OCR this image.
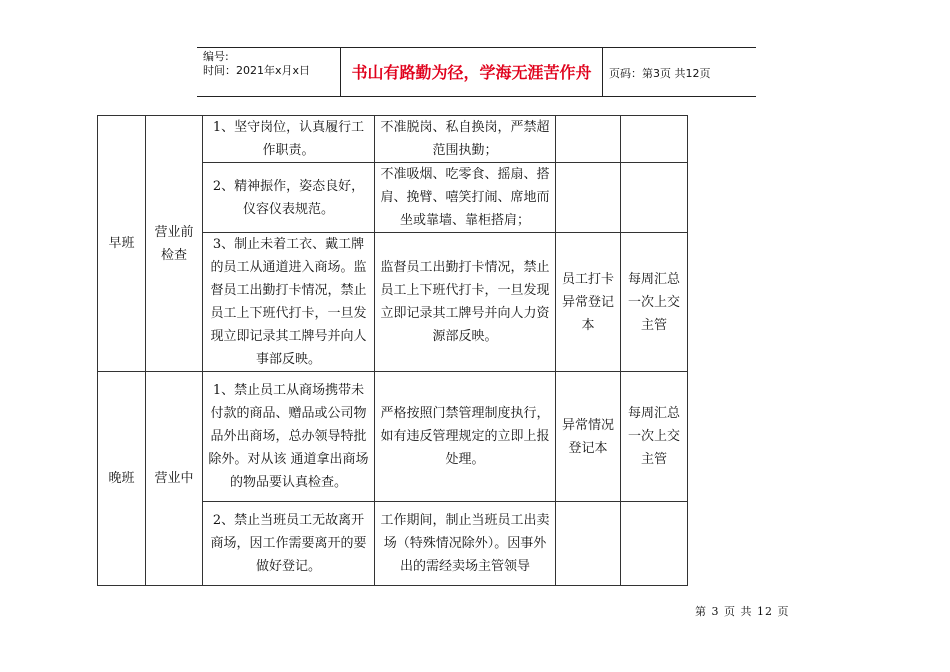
编号:
时间：2021年x月x日	书山有路勤为径，学海无涯苦作舟	页码：第3页 共12页
早班	营业前检查	1、坚守岗位，认真履行工作职责。	不准脱岗、私自换岗，严禁超范围执勤；		
		2、精神振作，姿态良好，仪容仪表规范。	不准吸烟、吃零食、摇扇、搭肩、挽臂、嘻笑打闹、席地而坐或靠墙、靠柜搭肩；		
		3、制止未着工衣、戴工牌的员工从通道进入商场。监督员工出勤打卡情况，禁止员工上下班代打卡，一旦发现立即记录其工牌号并向人事部反映。	监督员工出勤打卡情况，禁止员工上下班代打卡，一旦发现立即记录其工牌号并向人力资源部反映。	员工打卡异常登记本	每周汇总一次上交主管
晚班	营业中	1、禁止员工从商场携带未付款的商品、赠品或公司物品外出商场，总办领导特批除外。对从该 通道拿出商场的物品要认真检查。	严格按照门禁管理制度执行，如有违反管理规定的立即上报处理。	异常情况登记本	每周汇总一次上交主管
		2、禁止当班员工无故离开商场，因工作需要离开的要做好登记。	工作期间，制止当班员工出卖场（特殊情况除外）。因事外出的需经卖场主管领导		
第 3 页 共 12 页
